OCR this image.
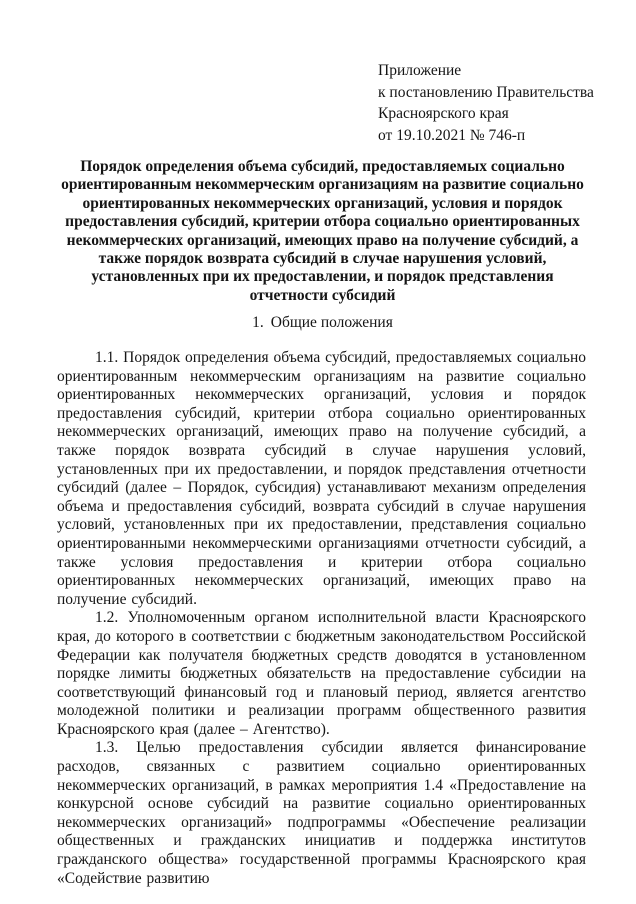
Приложение
к постановлению Правительства
Красноярского края
от 19.10.2021 № 746-п
Порядок определения объема субсидий, предоставляемых социально ориентированным некоммерческим организациям на развитие социально ориентированных некоммерческих организаций, условия и порядок предоставления субсидий, критерии отбора социально ориентированных некоммерческих организаций, имеющих право на получение субсидий, а также порядок возврата субсидий в случае нарушения условий, установленных при их предоставлении, и порядок представления отчетности субсидий
1. Общие положения

1.1. Порядок определения объема субсидий, предоставляемых социально ориентированным некоммерческим организациям на развитие социально ориентированных некоммерческих организаций, условия и порядок предоставления субсидий, критерии отбора социально ориентированных некоммерческих организаций, имеющих право на получение субсидий, а также порядок возврата субсидий в случае нарушения условий, установленных при их предоставлении, и порядок представления отчетности субсидий (далее – Порядок, субсидия) устанавливают механизм определения объема и предоставления субсидий, возврата субсидий в случае нарушения условий, установленных при их предоставлении, представления социально ориентированными некоммерческими организациями отчетности субсидий, а также условия предоставления и критерии отбора социально ориентированных некоммерческих организаций, имеющих право на получение субсидий.

1.2. Уполномоченным органом исполнительной власти Красноярского края, до которого в соответствии с бюджетным законодательством Российской Федерации как получателя бюджетных средств доводятся в установленном порядке лимиты бюджетных обязательств на предоставление субсидии на соответствующий финансовый год и плановый период, является агентство молодежной политики и реализации программ общественного развития Красноярского края (далее – Агентство).

1.3. Целью предоставления субсидии является финансирование расходов, связанных с развитием социально ориентированных некоммерческих организаций, в рамках мероприятия 1.4 «Предоставление на конкурсной основе субсидий на развитие социально ориентированных некоммерческих организаций» подпрограммы «Обеспечение реализации общественных и гражданских инициатив и поддержка институтов гражданского общества» государственной программы Красноярского края «Содействие развитию
